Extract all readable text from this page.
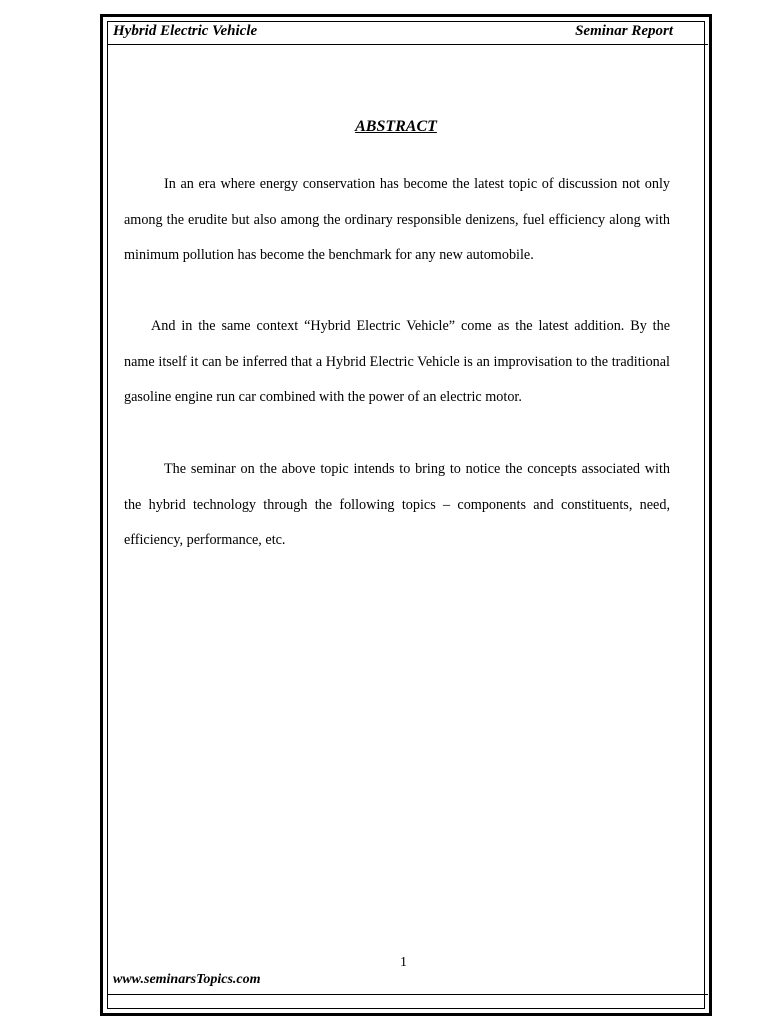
Hybrid Electric Vehicle	Seminar Report
ABSTRACT

In an era where energy conservation has become the latest topic of discussion not only among the erudite but also among the ordinary responsible denizens, fuel efficiency along with minimum pollution has become the benchmark for any new automobile.

And in the same context “Hybrid Electric Vehicle” come as the latest addition. By the name itself it can be inferred that a Hybrid Electric Vehicle is an improvisation to the traditional gasoline engine run car combined with the power of an electric motor.

The seminar on the above topic intends to bring to notice the concepts associated with the hybrid technology through the following topics – components and constituents, need, efficiency, performance, etc.

1
www.seminarsTopics.com
